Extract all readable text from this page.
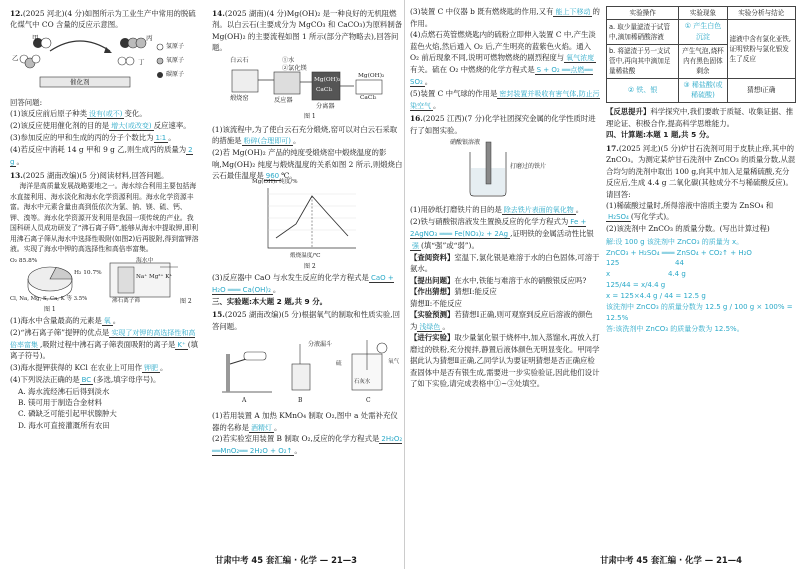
12.(2025 河北)(4 分)如图所示为工业生产中常用的脱硫化煤气中 CO 含量的反应示意图。

乙
甲	丙
丁
催化剂
氢原子
氧原子
碳原子

回答问题:

(1)该反应前后原子种类 没有(或不) 变化。

(2)该反应使用催化剂的目的是 增大(或改变) 反应速率。

(3)参加反应的甲和生成的丙的分子个数比为 1∶1 。

(4)若反应中消耗 14 g 甲和 9 g 乙,则生成丙的质量为 2 g 。

13.(2025 湖南改编)(5 分)阅读材料,回答问题。

海洋是高质量发展战略要地之一。海水综合利用主要包括海水直接利用、海水淡化和海水化学资源利用。海水化学资源丰富。海水中元素含量由高到低依次为氯、钠、镁、硫、钙、钾、溴等。海水化学资源开发利用是我国一项传统的产业。我国科研人员成功研发了“沸石离子筛”,能够从海水中提取钾,即利用沸石离子筛从海水中选择性吸附(如图2)后再脱附,得到富钾溶液。实现了海水中钾的高选择性和高倍率富集。

O₂ 85.8%
H₂ 10.7%
Cl, Na, Mg, S, Ca, K 等 3.5%
海水中
Na⁺ Mg²⁺ K⁺
沸石离子筛
图 1
图 2

(1)海水中含量最高的元素是 氧 。

(2)“沸石离子筛”提钾的优点是 实现了对钾的高选择性和高倍率富集 ,吸附过程中沸石离子筛表面吸附的离子是 K⁺ (填离子符号)。

(3)海水提钾获得的 KCl 在农业上可用作 钾肥 。

(4)下列说法正确的是 BC (多选,填字母序号)。

A. 海水流经沸石后得到淡水

B. 镁可用于制造合金材料

C. 磷缺乏可能引起甲状腺肿大

D. 海水可直接灌溉所有农田

14.(2025 湖南)(4 分)Mg(OH)₂ 是一种良好的无机阻燃剂。以白云石(主要成分为 MgCO₃ 和 CaCO₃)为原料制备 Mg(OH)₂ 的主要流程如图 1 所示(部分产物略去),回答问题。

白云石	①水
②氯化镁
煅烧窑	反应器
Mg(OH)₂
CaCl₂
分离器
Mg(OH)₂
CaCl₂
图 1

(1)该流程中,为了使白云石充分煅烧,窑可以对白云石采取的措施是 粉碎(合理即可) 。

(2)若 Mg(OH)₂ 产品的纯度受煅烧窑中煅烧温度的影响,Mg(OH)₂ 纯度与煅烧温度的关系如图 2 所示,则煅烧白云石最佳温度是 960 ℃。

Mg(OH)₂ 纯度/%
煅烧温度/℃
图 2

(3)反应器中 CaO 与水发生反应的化学方程式是 CaO + H₂O ═══ Ca(OH)₂ 。

三、实验题:本大题 2 题,共 9 分。

15.(2025 湖南改编)(5 分)根据氧气的制取和性质实验,回答问题。

分液漏斗
A	B	C
石灰水
硫	氧气

(1)若用装置 A 加热 KMnO₄ 制取 O₂,图中 a 处需补充仪器的名称是 酒精灯 。

(2)若实验室用装置 B 制取 O₂,反应的化学方程式是 2H₂O₂ ══MnO₂══ 2H₂O + O₂↑ 。

(3)装置 C 中仪器 b 既有燃烧匙的作用,又有 能上下移动 的作用。

(4)点燃石英管燃烧匙内的硫粉立即伸入装置 C 中,产生淡蓝色火焰,然后通入 O₂ 后,产生明亮的蓝紫色火焰。通入 O₂ 前后现象不同,说明可燃物燃烧的剧烈程度与 氧气浓度有关。硫在 O₂ 中燃烧的化学方程式是 S + O₂ ══点燃══ SO₂ 。

(5)装置 C 中气球的作用是 密封装置并吸收有害气体,防止污染空气 。

16.(2025 江西)(7 分)化学社团探究金属的化学性质时进行了如图实验。

硝酸银溶液
打磨过的铁片

(1)用砂纸打磨铁片的目的是 除去铁片表面的氧化物 。

(2)铁与硝酸银溶液发生置换反应的化学方程式为 Fe + 2AgNO₃ ═══ Fe(NO₃)₂ + 2Ag ,证明铁的金属活动性比银强 (填“强”或“弱”)。

【查阅资料】室温下,氯化银是难溶于水的白色固体,可溶于氨水。

【提出问题】在水中,铁能与难溶于水的硝酸银反应吗?

【作出猜想】猜想Ⅰ:能反应

猜想Ⅱ:不能反应

【实验预测】若猜想Ⅰ正确,则可观察到反应后溶液的颜色为 浅绿色 。

【进行实验】取少量氯化银于烧杯中,加入蒸馏水,再放入打磨过的铁粉,充分搅拌,静置后液体颜色无明显变化。甲同学据此认为猜想Ⅱ正确,乙同学认为要证明猜想是否正确应检查固体中是否有银生成,需要进一步实验验证,因此他们设计了如下实验,请完成表格中①~③处填空。

实验操作	实验现象	实验分析与结论
a. 取少量滤渣于试管中,滴加稀硝酸溶液	① 产生白色沉淀	滤液中含有氯化亚铁,证明铁粉与氯化银发生了反应
b. 将滤渣于另一支试管中,再向其中滴加足量稀盐酸	产生气泡,烧杯内有黑色固体剩余	
② 铁、银	③ 稀盐酸(或稀硫酸)	猜想Ⅰ正确

【反思提升】科学探究中,我们要敢于质疑、收集证据、推理论证、积极合作,提高科学思维能力。

四、计算题:本题 1 题,共 5 分。

17.(2025 河北)(5 分)炉甘石洗剂可用于皮肤止痒,其中的 ZnCO₃。为测定某炉甘石洗剂中 ZnCO₃ 的质量分数,从混合均匀的洗剂中取出 100 g,向其中加入足量稀硫酸,充分反应后,生成 4.4 g 二氧化碳(其他成分不与稀硫酸反应)。请回答:

(1)稀硫酸过量时,所得溶液中溶质主要为 ZnSO₄ 和H₂SO₄ (写化学式)。

(2)该洗剂中 ZnCO₃ 的质量分数。(写出计算过程)

解:设 100 g 该洗剂中 ZnCO₃ 的质量为 x。

ZnCO₃ + H₂SO₄ ═══ ZnSO₄ + CO₂↑ + H₂O

125                         44

x                          4.4 g

125/44 = x/4.4 g

x = 125×4.4 g / 44 = 12.5 g

该洗剂中 ZnCO₃ 的质量分数为 12.5 g / 100 g × 100% = 12.5%

答:该洗剂中 ZnCO₃ 的质量分数为 12.5%。

甘肃中考 45 套汇编 · 化学 — 21—3	甘肃中考 45 套汇编 · 化学 — 21—4
